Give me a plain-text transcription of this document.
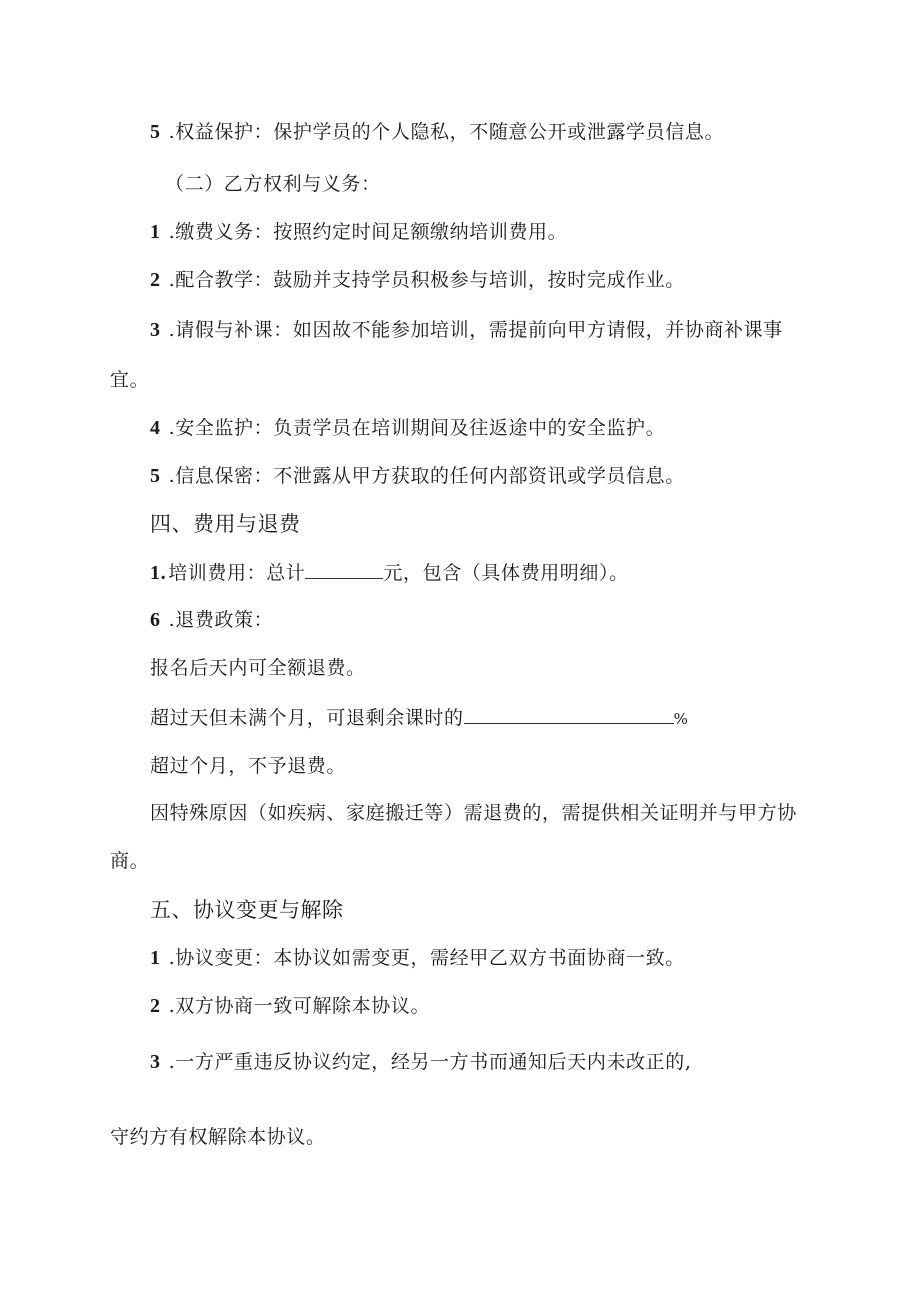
5 .权益保护：保护学员的个人隐私，不随意公开或泄露学员信息。
（二）乙方权利与义务：
1 .缴费义务：按照约定时间足额缴纳培训费用。
2 .配合教学：鼓励并支持学员积极参与培训，按时完成作业。
3 .请假与补课：如因故不能参加培训，需提前向甲方请假，并协商补课事
宜。
4 .安全监护：负责学员在培训期间及往返途中的安全监护。
5 .信息保密：不泄露从甲方获取的任何内部资讯或学员信息。
四、费用与退费
1. 培训费用：总计	元，包含（具体费用明细）。
6 .退费政策：
报名后天内可全额退费。
超过天但未满个月，可退剩余课时的	%
超过个月，不予退费。
因特殊原因（如疾病、家庭搬迁等）需退费的，需提供相关证明并与甲方协
商。
五、协议变更与解除
1 .协议变更：本协议如需变更，需经甲乙双方书面协商一致。
2 .双方协商一致可解除本协议。
3 .一方严重违反协议约定，经另一方书而通知后天内未改正的,
守约方有权解除本协议。
